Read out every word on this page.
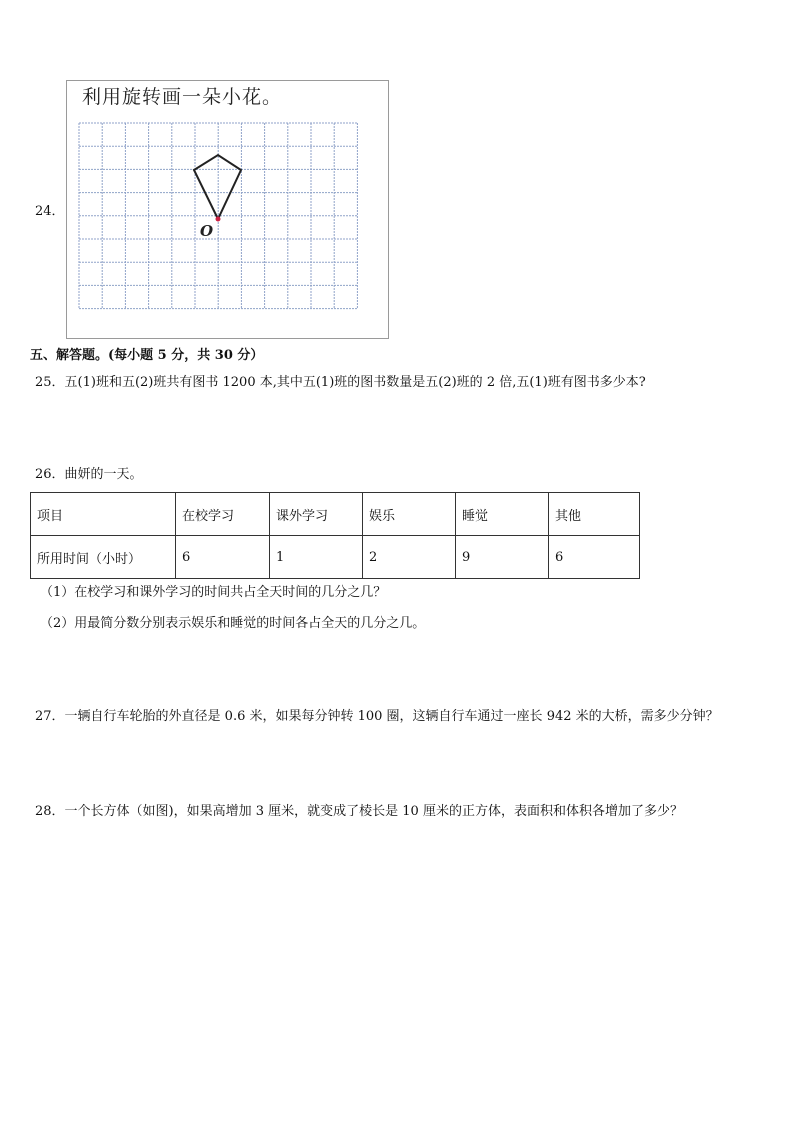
24．
利用旋转画一朵小花。
O
五、解答题。(每小题 5 分，共 30 分）
25．五(1)班和五(2)班共有图书 1200 本,其中五(1)班的图书数量是五(2)班的 2 倍,五(1)班有图书多少本?
26．曲妍的一天。
项目	在校学习	课外学习	娱乐	睡觉	其他
所用时间（小时）	6	1	2	9	6
（1）在校学习和课外学习的时间共占全天时间的几分之几？
（2）用最简分数分别表示娱乐和睡觉的时间各占全天的几分之几。
27．一辆自行车轮胎的外直径是 0.6 米，如果每分钟转 100 圈，这辆自行车通过一座长 942 米的大桥，需多少分钟？
28．一个长方体（如图)，如果高增加 3 厘米，就变成了棱长是 10 厘米的正方体，表面积和体积各增加了多少？
